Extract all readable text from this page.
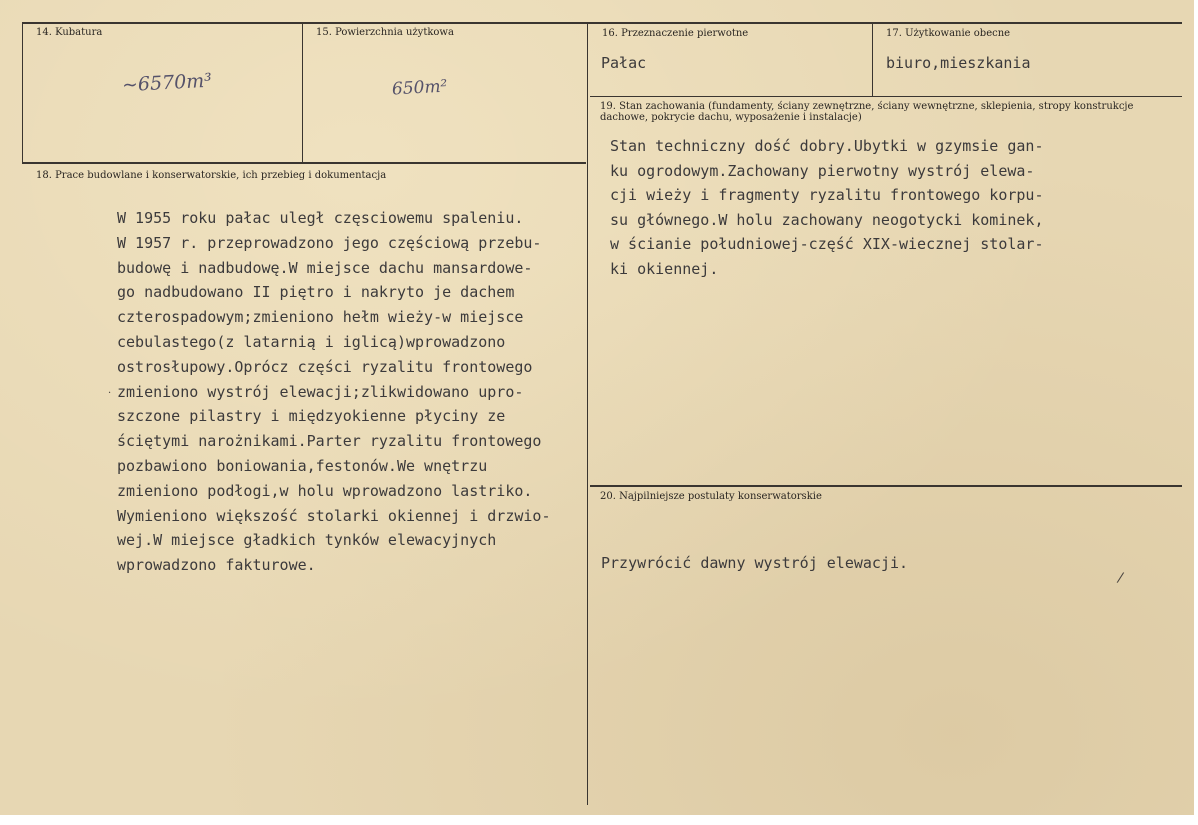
14. Kubatura
~6570m³
15. Powierzchnia użytkowa
650m²
16. Przeznaczenie pierwotne
Pałac
17. Użytkowanie obecne
biuro,mieszkania
19. Stan zachowania (fundamenty, ściany zewnętrzne, ściany wewnętrzne, sklepienia, stropy konstrukcje dachowe, pokrycie dachu, wyposażenie i instalacje)
Stan techniczny dość dobry.Ubytki w gzymsie gan-
ku ogrodowym.Zachowany pierwotny wystrój elewa-
cji wieży i fragmenty ryzalitu frontowego korpu-
su głównego.W holu zachowany neogotycki kominek,
w ścianie południowej-część XIX-wiecznej stolar-
ki okiennej.
18. Prace budowlane i konserwatorskie, ich przebieg i dokumentacja
W 1955 roku pałac uległ częsciowemu spaleniu.
W 1957 r. przeprowadzono jego częściową przebu-
budowę i nadbudowę.W miejsce dachu mansardowe-
go nadbudowano II piętro i nakryto je dachem
czterospadowym;zmieniono hełm wieży-w miejsce
cebulastego(z latarnią i iglicą)wprowadzono
ostrosłupowy.Oprócz części ryzalitu frontowego
zmieniono wystrój elewacji;zlikwidowano upro-
szczone pilastry i międzyokienne płyciny ze
ściętymi narożnikami.Parter ryzalitu frontowego
pozbawiono boniowania,festonów.We wnętrzu
zmieniono podłogi,w holu wprowadzono lastriko.
Wymieniono większość stolarki okiennej i drzwio-
wej.W miejsce gładkich tynków elewacyjnych
wprowadzono fakturowe.
20. Najpilniejsze postulaty konserwatorskie
Przywrócić dawny wystrój elewacji.
/
·
